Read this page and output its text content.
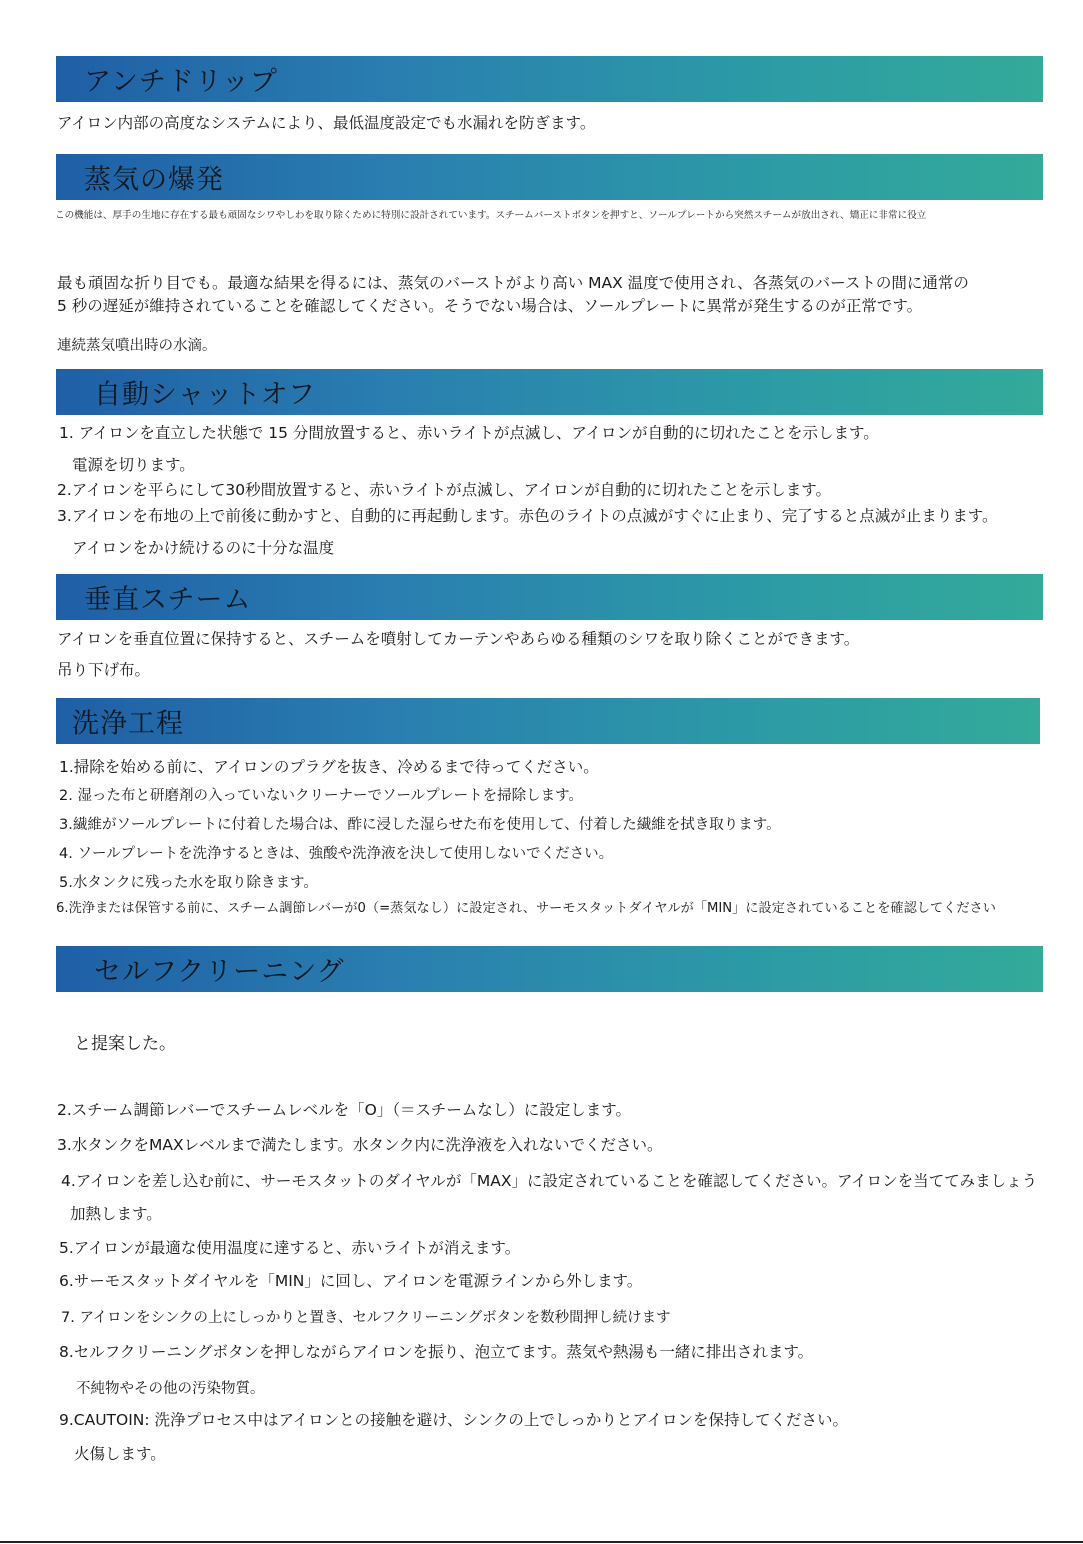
アンチドリップ
アイロン内部の高度なシステムにより、最低温度設定でも水漏れを防ぎます。
蒸気の爆発
この機能は、厚手の生地に存在する最も頑固なシワやしわを取り除くために特別に設計されています。スチームバーストボタンを押すと、ソールプレートから突然スチームが放出され、矯正に非常に役立
最も頑固な折り目でも。最適な結果を得るには、蒸気のバーストがより高い MAX 温度で使用され、各蒸気のバーストの間に通常の
5 秒の遅延が維持されていることを確認してください。そうでない場合は、ソールプレートに異常が発生するのが正常です。
連続蒸気噴出時の水滴。
自動シャットオフ
1. アイロンを直立した状態で 15 分間放置すると、赤いライトが点滅し、アイロンが自動的に切れたことを示します。
電源を切ります。
2.アイロンを平らにして30秒間放置すると、赤いライトが点滅し、アイロンが自動的に切れたことを示します。
3.アイロンを布地の上で前後に動かすと、自動的に再起動します。赤色のライトの点滅がすぐに止まり、完了すると点滅が止まります。
アイロンをかけ続けるのに十分な温度
垂直スチーム
アイロンを垂直位置に保持すると、スチームを噴射してカーテンやあらゆる種類のシワを取り除くことができます。
吊り下げ布。
洗浄工程
1.掃除を始める前に、アイロンのプラグを抜き、冷めるまで待ってください。
2. 湿った布と研磨剤の入っていないクリーナーでソールプレートを掃除します。
3.繊維がソールプレートに付着した場合は、酢に浸した湿らせた布を使用して、付着した繊維を拭き取ります。
4. ソールプレートを洗浄するときは、強酸や洗浄液を決して使用しないでください。
5.水タンクに残った水を取り除きます。
6.洗浄または保管する前に、スチーム調節レバーが0（=蒸気なし）に設定され、サーモスタットダイヤルが「MIN」に設定されていることを確認してください
セルフクリーニング
と提案した。
2.スチーム調節レバーでスチームレベルを「O」（＝スチームなし）に設定します。
3.水タンクをMAXレベルまで満たします。水タンク内に洗浄液を入れないでください。
4.アイロンを差し込む前に、サーモスタットのダイヤルが「MAX」に設定されていることを確認してください。アイロンを当ててみましょう
加熱します。
5.アイロンが最適な使用温度に達すると、赤いライトが消えます。
6.サーモスタットダイヤルを「MIN」に回し、アイロンを電源ラインから外します。
7. アイロンをシンクの上にしっかりと置き、セルフクリーニングボタンを数秒間押し続けます
8.セルフクリーニングボタンを押しながらアイロンを振り、泡立てます。蒸気や熱湯も一緒に排出されます。
不純物やその他の汚染物質。
9.CAUTOIN: 洗浄プロセス中はアイロンとの接触を避け、シンクの上でしっかりとアイロンを保持してください。
火傷します。
